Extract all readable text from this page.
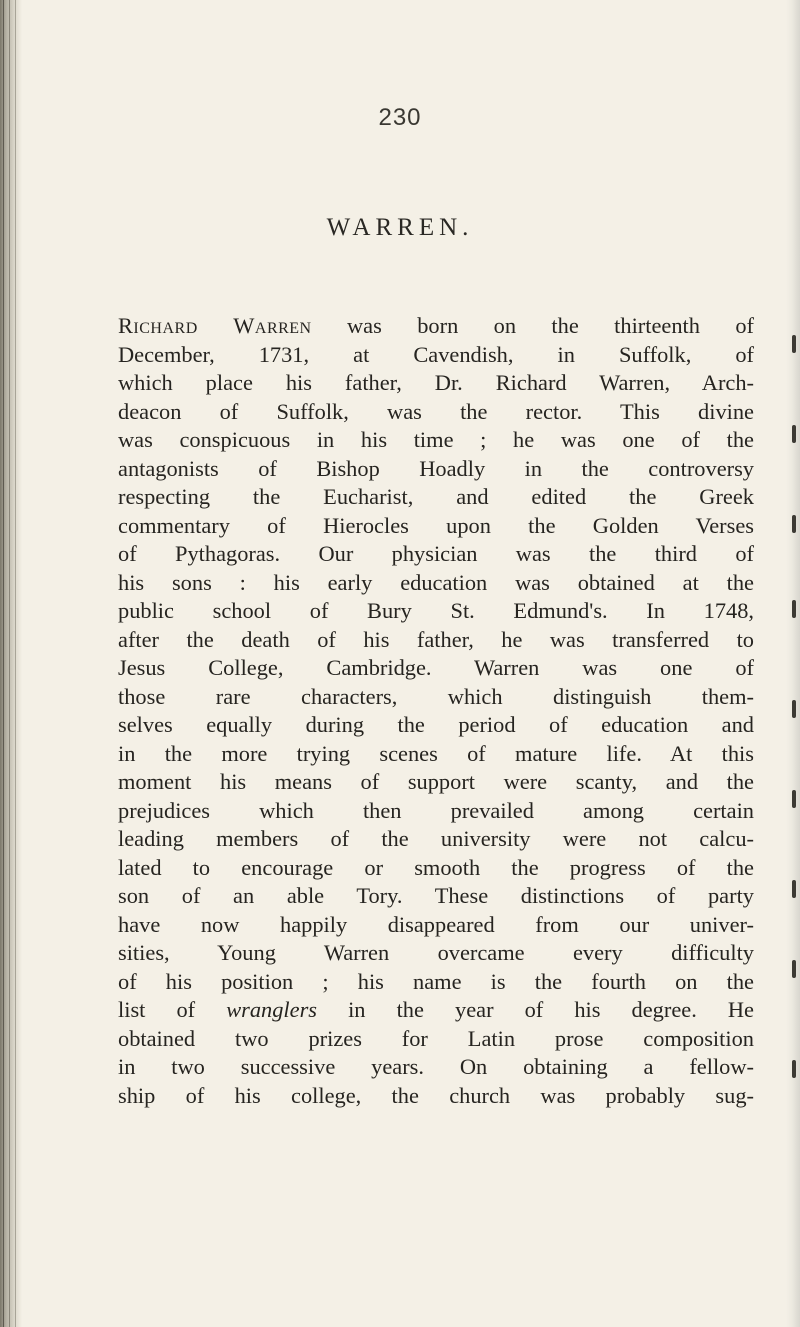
230
WARREN.
Richard Warren was born on the thirteenth of
December, 1731, at Cavendish, in Suffolk, of
which place his father, Dr. Richard Warren, Arch-
deacon of Suffolk, was the rector. This divine
was conspicuous in his time ; he was one of the
antagonists of Bishop Hoadly in the controversy
respecting the Eucharist, and edited the Greek
commentary of Hierocles upon the Golden Verses
of Pythagoras. Our physician was the third of
his sons : his early education was obtained at the
public school of Bury St. Edmund's. In 1748,
after the death of his father, he was transferred to
Jesus College, Cambridge. Warren was one of
those rare characters, which distinguish them-
selves equally during the period of education and
in the more trying scenes of mature life. At this
moment his means of support were scanty, and the
prejudices which then prevailed among certain
leading members of the university were not calcu-
lated to encourage or smooth the progress of the
son of an able Tory. These distinctions of party
have now happily disappeared from our univer-
sities, Young Warren overcame every difficulty
of his position ; his name is the fourth on the
list of wranglers in the year of his degree. He
obtained two prizes for Latin prose composition
in two successive years. On obtaining a fellow-
ship of his college, the church was probably sug-
